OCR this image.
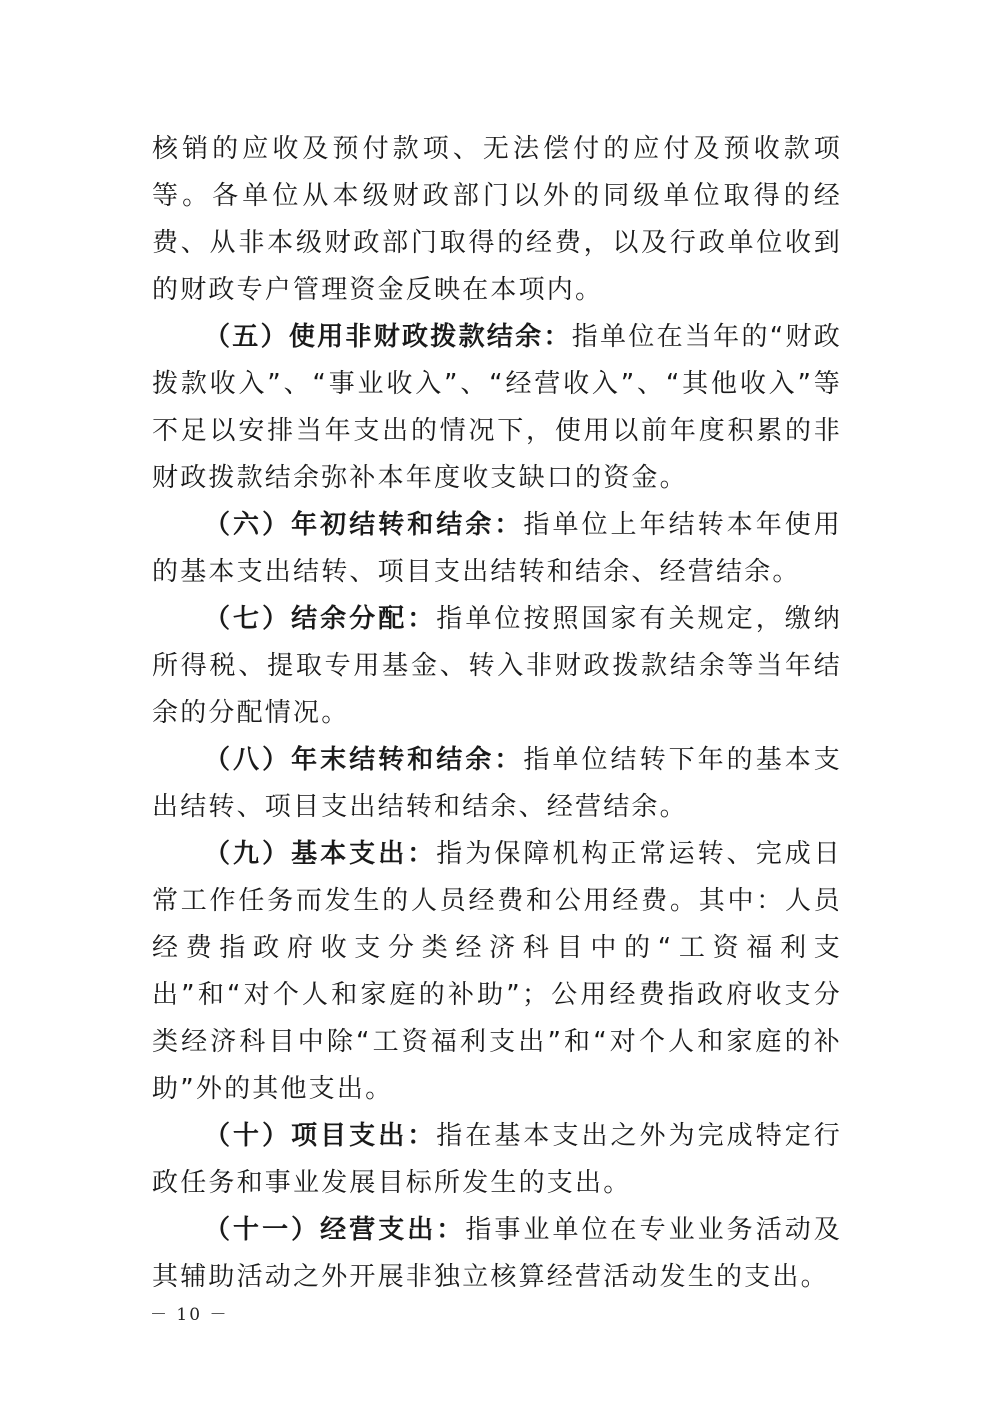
核销的应收及预付款项、无法偿付的应付及预收款项等。各单位从本级财政部门以外的同级单位取得的经费、从非本级财政部门取得的经费，以及行政单位收到的财政专户管理资金反映在本项内。

（五）使用非财政拨款结余：指单位在当年的“财政拨款收入”、“事业收入”、“经营收入”、“其他收入”等不足以安排当年支出的情况下，使用以前年度积累的非财政拨款结余弥补本年度收支缺口的资金。

（六）年初结转和结余：指单位上年结转本年使用的基本支出结转、项目支出结转和结余、经营结余。

（七）结余分配：指单位按照国家有关规定，缴纳所得税、提取专用基金、转入非财政拨款结余等当年结余的分配情况。

（八）年末结转和结余：指单位结转下年的基本支出结转、项目支出结转和结余、经营结余。

（九）基本支出：指为保障机构正常运转、完成日常工作任务而发生的人员经费和公用经费。其中：人员经费指政府收支分类经济科目中的“工资福利支出”和“对个人和家庭的补助”；公用经费指政府收支分类经济科目中除“工资福利支出”和“对个人和家庭的补助”外的其他支出。

（十）项目支出：指在基本支出之外为完成特定行政任务和事业发展目标所发生的支出。

（十一）经营支出：指事业单位在专业业务活动及其辅助活动之外开展非独立核算经营活动发生的支出。

－ 10 －
